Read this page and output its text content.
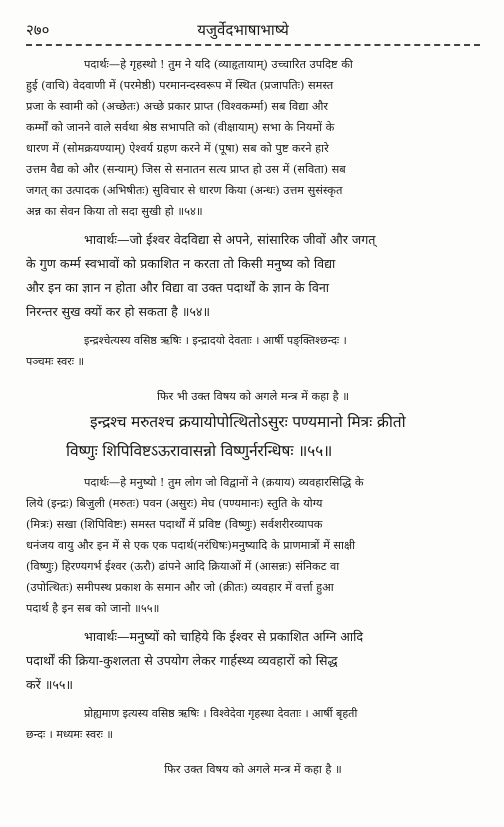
२७०	यजुर्वेदभाषाभाष्ये

पदार्थः—हे गृहस्थो ! तुम ने यदि (व्याहृतायाम्) उच्चारित उपदिष्ट की

हुई (वाचि) वेदवाणी में (परमेष्ठी) परमानन्दस्वरूप में स्थित (प्रजापतिः) समस्त

प्रजा के स्वामी को (अच्छेतः) अच्छे प्रकार प्राप्त (विश्वकर्म्मा) सब विद्या और

कर्म्मों को जानने वाले सर्वथा श्रेष्ठ सभापति को (वीक्षायाम्) सभा के नियमों के

धारण में (सोमक्रयण्याम्) ऐश्वर्य ग्रहण करने में (पूषा) सब को पुष्ट करने हारे

उत्तम वैद्य को और (सन्याम्) जिस से सनातन सत्य प्राप्त हो उस में (सविता) सब

जगत् का उत्पादक (अभिषीतः) सुविचार से धारण किया (अन्धः) उत्तम सुसंस्कृत

अन्न का सेवन किया तो सदा सुखी हो ॥५४॥

भावार्थः—जो ईश्वर वेदविद्या से अपने, सांसारिक जीवों और जगत्

के गुण कर्म्म स्वभावों को प्रकाशित न करता तो किसी मनुष्य को विद्या

और इन का ज्ञान न होता और विद्या वा उक्त पदार्थों के ज्ञान के विना

निरन्तर सुख क्यों कर हो सकता है ॥५४॥

इन्द्रश्चेत्यस्य वसिष्ठ ऋषिः । इन्द्रादयो देवताः । आर्षी पङ्क्तिश्छन्दः ।

पञ्चमः स्वरः ॥

फिर भी उक्त विषय को अगले मन्त्र में कहा है ॥

इन्द्रश्च मरुतश्च क्रयायोपोत्थितोऽसुरः पण्यमानो मित्रः क्रीतो

विष्णुः शिपिविष्टऽऊरावासन्नो विष्णुर्नरन्धिषः ॥५५॥

पदार्थः—हे मनुष्यो ! तुम लोग जो विद्वानों ने (क्रयाय) व्यवहारसिद्धि के

लिये (इन्द्रः) बिजुली (मरुतः) पवन (असुरः) मेघ (पण्यमानः) स्तुति के योग्य

(मित्रः) सखा (शिपिविष्टः) समस्त पदार्थों में प्रविष्ट (विष्णुः) सर्वशरीरव्यापक

धनंजय वायु और इन में से एक एक पदार्थ(नरंधिषः)मनुष्यादि के प्राणमात्रों में साक्षी

(विष्णुः) हिरण्यगर्भ ईश्वर (ऊरौ) ढांपने आदि क्रियाओं में (आसन्नः) संनिकट वा

(उपोत्थितः) समीपस्थ प्रकाश के समान और जो (क्रीतः) व्यवहार में वर्त्ता हुआ

पदार्थ है इन सब को जानो ॥५५॥

भावार्थः—मनुष्यों को चाहिये कि ईश्वर से प्रकाशित अग्नि आदि

पदार्थों की क्रिया-कुशलता से उपयोग लेकर गार्हस्थ्य व्यवहारों को सिद्ध

करें ॥५५॥

प्रोह्यमाण इत्यस्य वसिष्ठ ऋषिः । विश्वेदेवा गृहस्था देवताः । आर्षी बृहती

छन्दः । मध्यमः स्वरः ॥

फिर उक्त विषय को अगले मन्त्र में कहा है ॥
